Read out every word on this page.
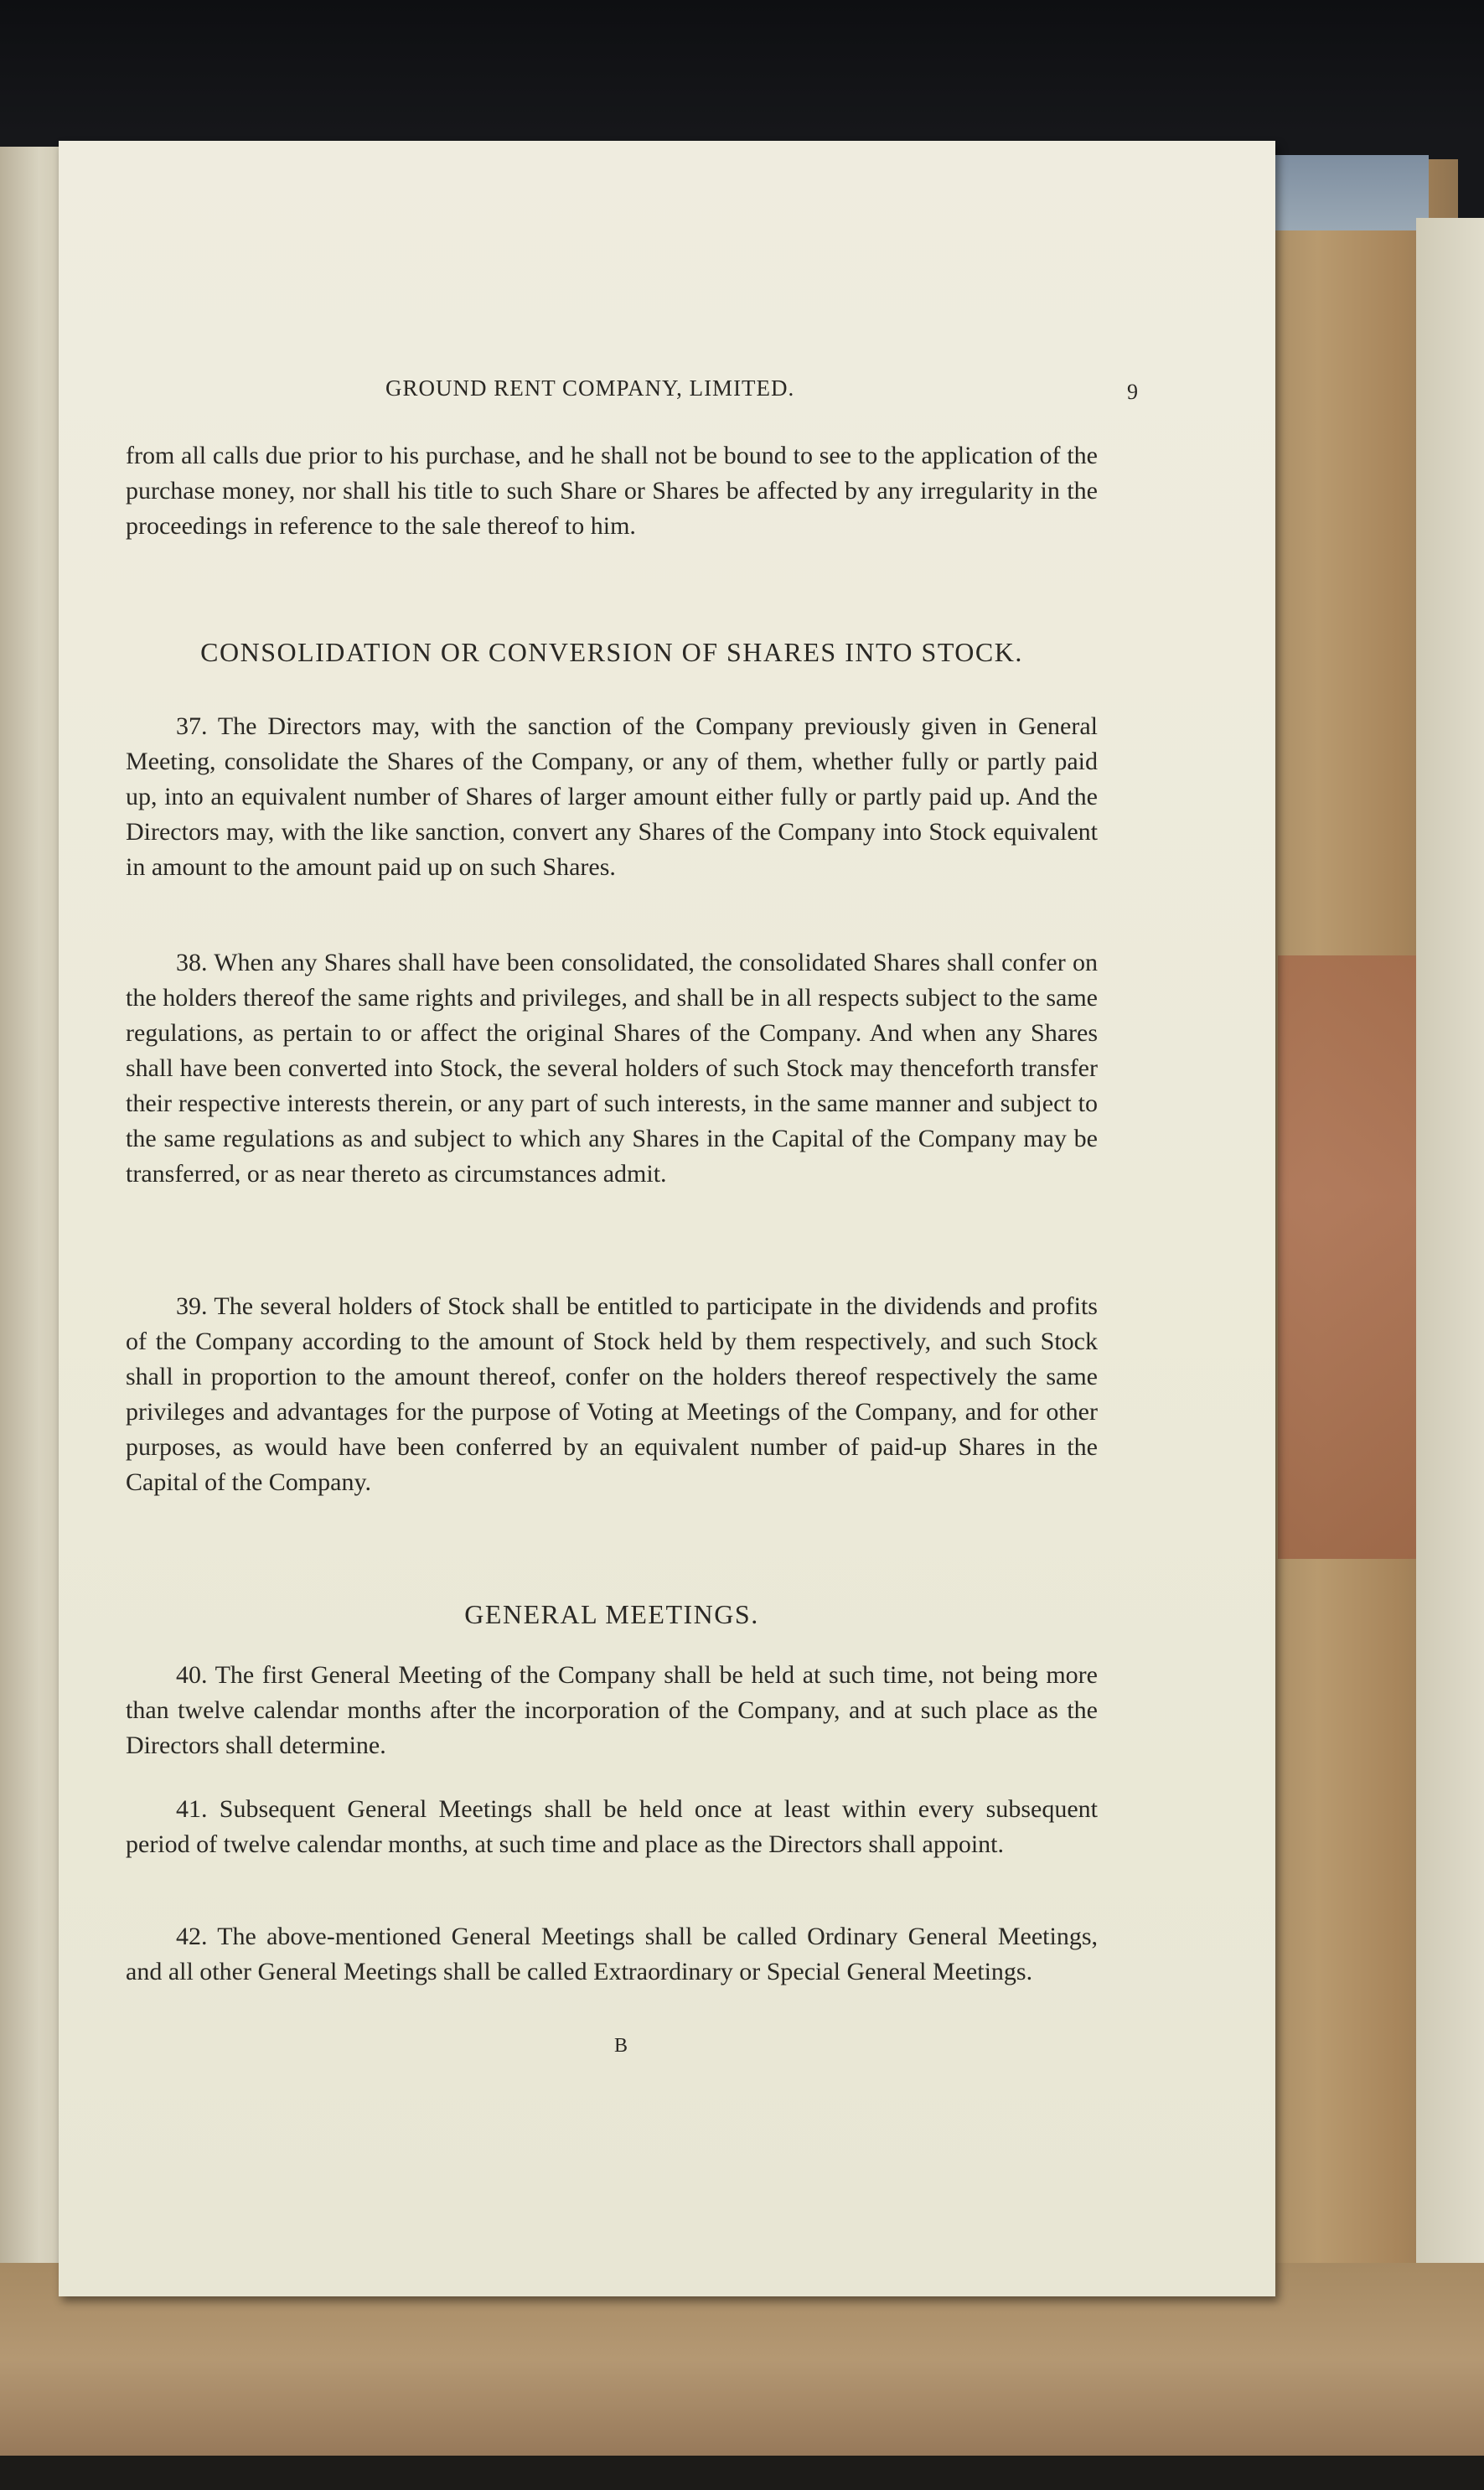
GROUND RENT COMPANY, LIMITED.	9
from all calls due prior to his purchase, and he shall not be bound to see to the application of the purchase money, nor shall his title to such Share or Shares be affected by any irregularity in the proceedings in reference to the sale thereof to him.
CONSOLIDATION OR CONVERSION OF SHARES INTO STOCK.
37. The Directors may, with the sanction of the Company previously given in General Meeting, consolidate the Shares of the Company, or any of them, whether fully or partly paid up, into an equivalent number of Shares of larger amount either fully or partly paid up. And the Directors may, with the like sanction, convert any Shares of the Company into Stock equivalent in amount to the amount paid up on such Shares.
38. When any Shares shall have been consolidated, the consolidated Shares shall confer on the holders thereof the same rights and privileges, and shall be in all respects subject to the same regulations, as pertain to or affect the original Shares of the Company. And when any Shares shall have been converted into Stock, the several holders of such Stock may thenceforth transfer their respective interests therein, or any part of such interests, in the same manner and subject to the same regulations as and subject to which any Shares in the Capital of the Company may be transferred, or as near thereto as circumstances admit.
39. The several holders of Stock shall be entitled to participate in the dividends and profits of the Company according to the amount of Stock held by them respectively, and such Stock shall in proportion to the amount thereof, confer on the holders thereof respectively the same privileges and advantages for the purpose of Voting at Meetings of the Company, and for other purposes, as would have been conferred by an equivalent number of paid-up Shares in the Capital of the Company.
GENERAL MEETINGS.
40. The first General Meeting of the Company shall be held at such time, not being more than twelve calendar months after the incorporation of the Company, and at such place as the Directors shall determine.
41. Subsequent General Meetings shall be held once at least within every subsequent period of twelve calendar months, at such time and place as the Directors shall appoint.
42. The above-mentioned General Meetings shall be called Ordinary General Meetings, and all other General Meetings shall be called Extraordinary or Special General Meetings.
B
